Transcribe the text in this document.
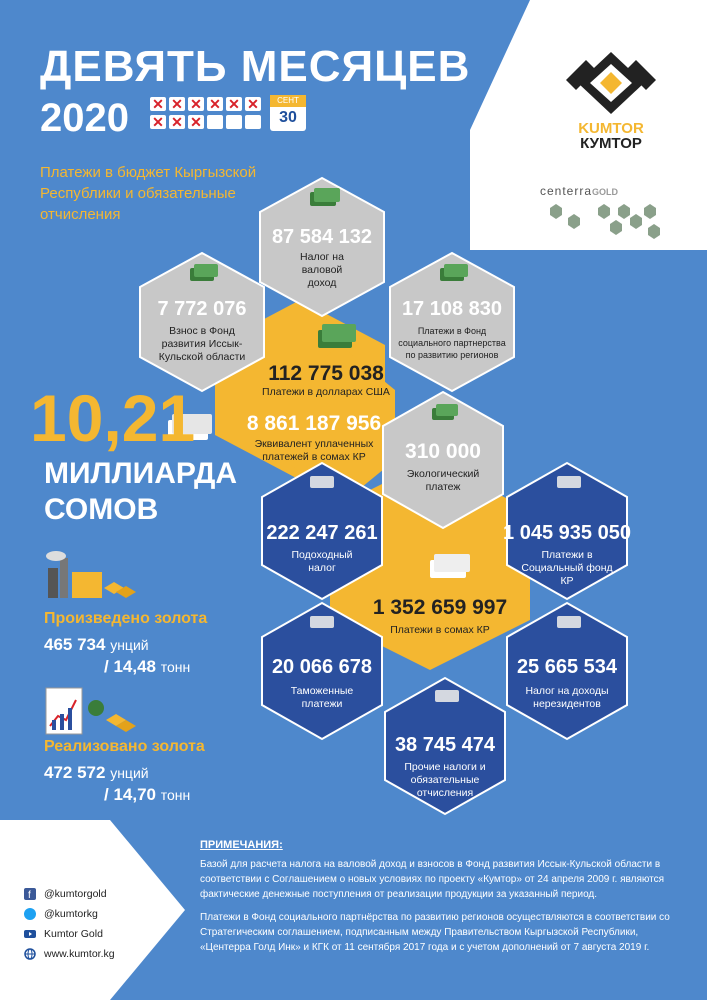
ДЕВЯТЬ МЕСЯЦЕВ
2020 ✕ ✕ ✕ ✕ ✕ ✕
✕ ✕ ✕
СЕНТ
30
Платежи в бюджет Кыргызской Республики и обязательные отчисления
KUMTOR
КУМТОР
centerraGOLD
87 584 132
Налог на валовой доход
7 772 076
Взнос в Фонд развития Иссык-Кульской области
17 108 830
Платежи в Фонд социального партнерства по развитию регионов
112 775 038
Платежи в долларах США
8 861 187 956
Эквивалент уплаченных платежей в сомах КР	310 000
Экологический платеж
222 247 261
Подоходный налог
1 045 935 050
Платежи в Социальный фонд КР
1 352 659 997
Платежи в сомах КР
20 066 678
Таможенные платежи
25 665 534
Налог на доходы нерезидентов
38 745 474
Прочие налоги и обязательные отчисления
10,21
МИЛЛИАРДА
СОМОВ
Произведено золота
465 734 унций
/ 14,48 тонн
Реализовано золота
472 572 унций
/ 14,70 тонн
ПРИМЕЧАНИЯ:
Базой для расчета налога на валовой доход и взносов в Фонд развития Иссык-Кульской области в соответствии с Соглашением о новых условиях по проекту «Кумтор» от 24 апреля 2009 г. являются фактические денежные поступления от реализации продукции за указанный период.
Платежи в Фонд социального партнёрства по развитию регионов осуществляются в соответствии со Стратегическим соглашением, подписанным между Правительством Кыргызской Республики, «Центерра Голд Инк» и КГК от 11 сентября 2017 года и с учетом дополнений от 7 августа 2019 г.
f @kumtorgold
@kumtorkg
Kumtor Gold
www.kumtor.kg
